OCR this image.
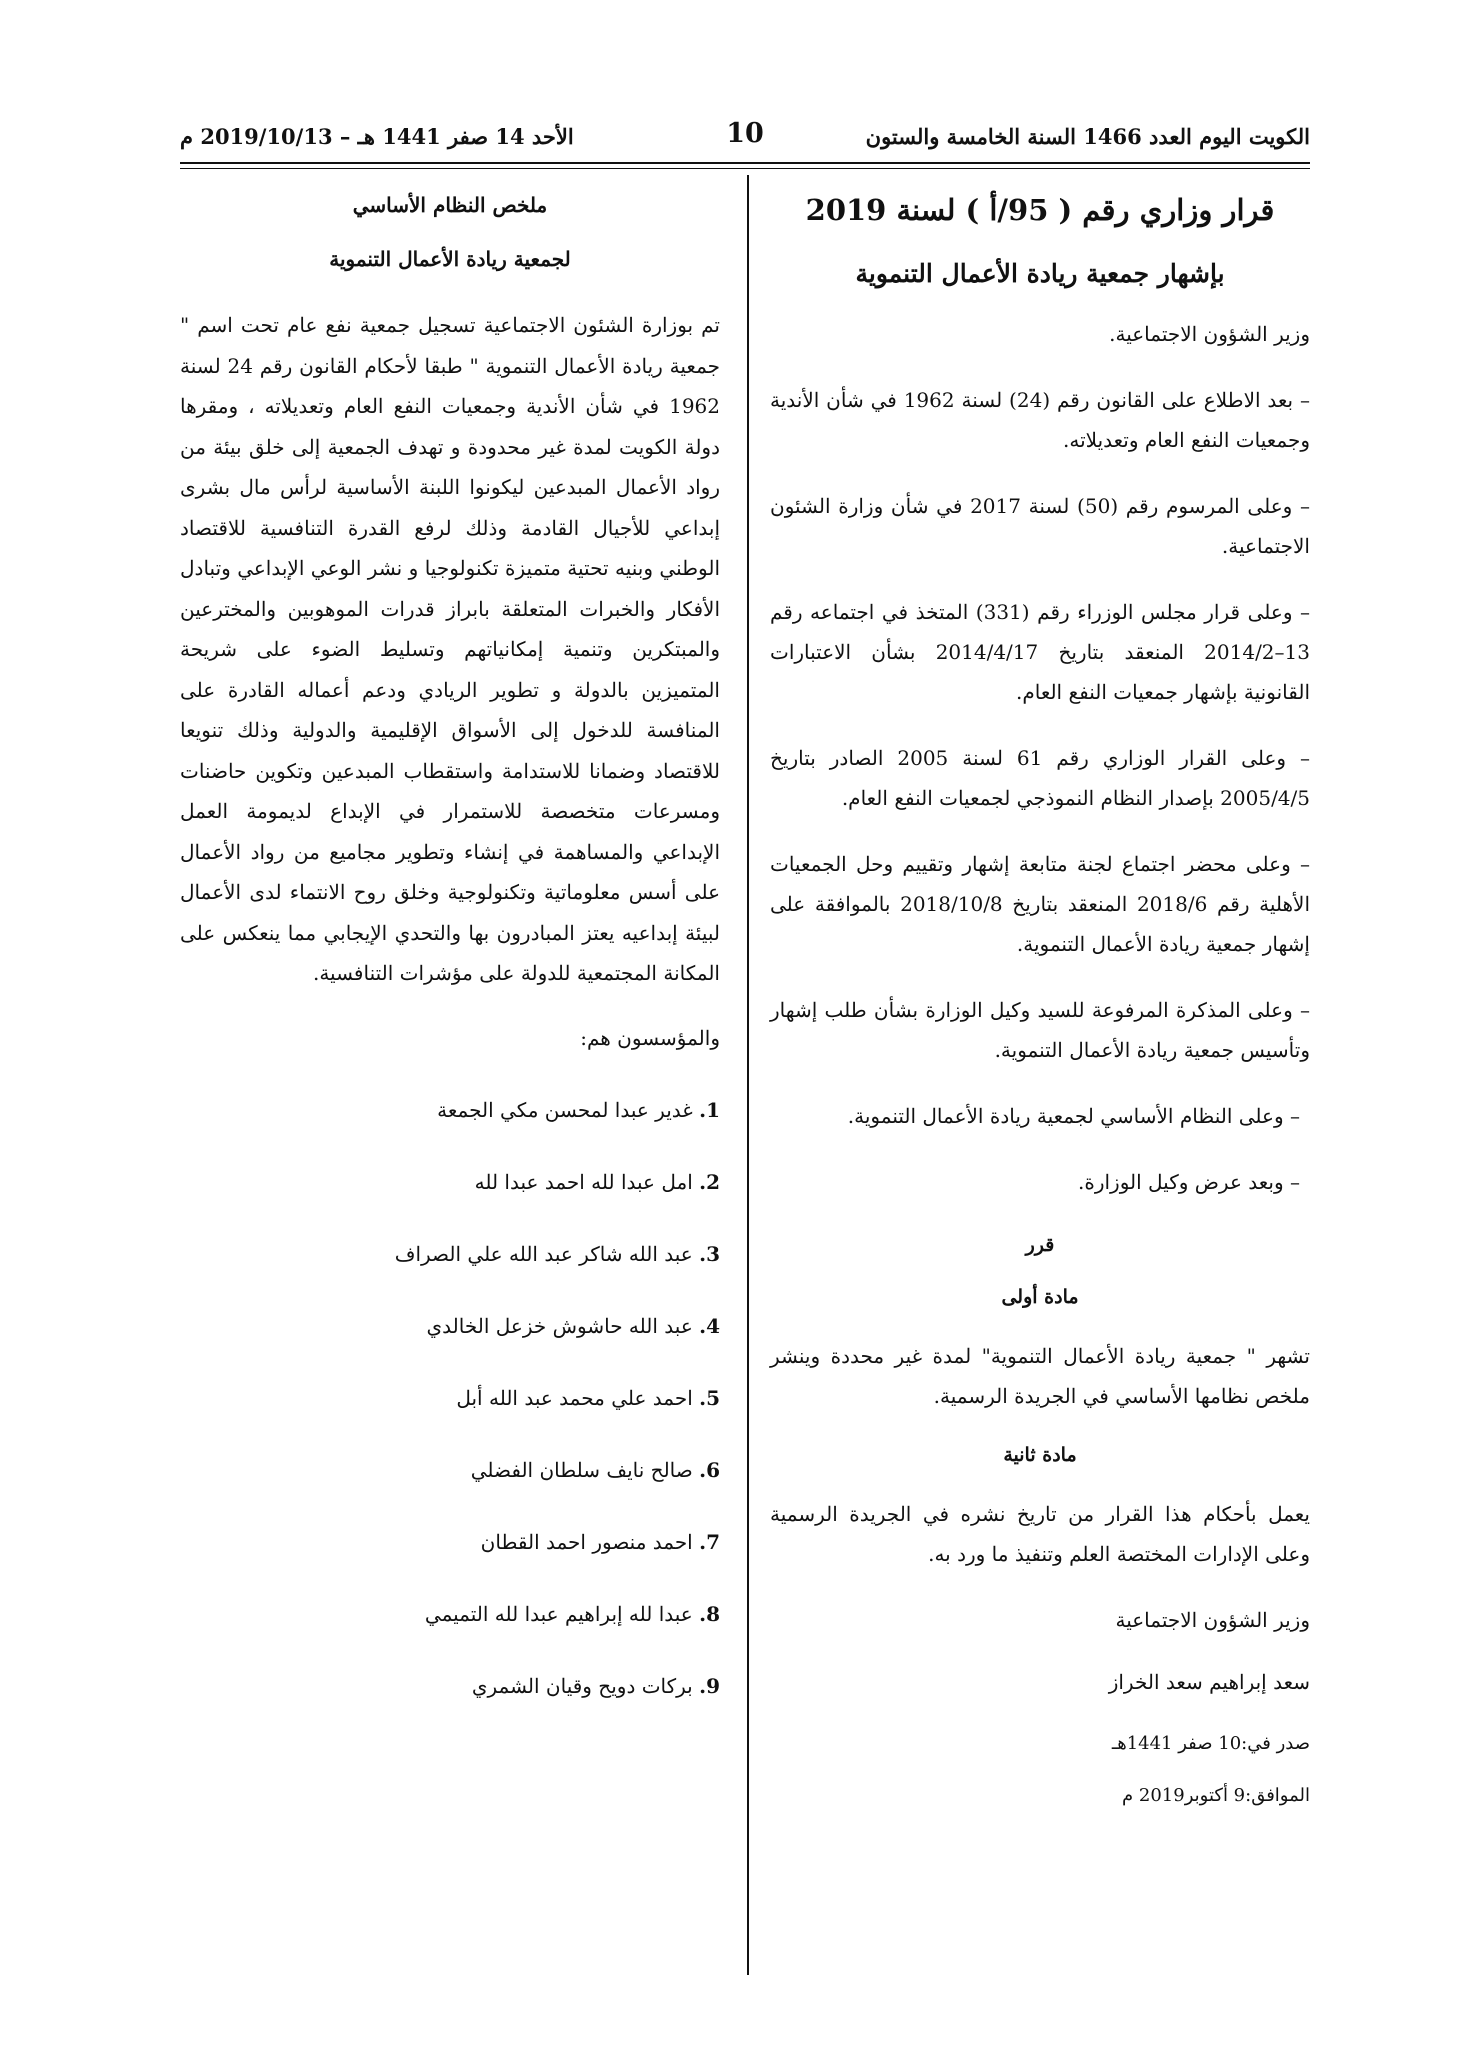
الكويت اليوم العدد 1466 السنة الخامسة والستون
10
الأحد 14 صفر 1441 هـ – 2019/10/13 م

قرار وزاري رقم ( 95/أ ) لسنة 2019

بإشهار جمعية ريادة الأعمال التنموية

وزير الشؤون الاجتماعية.

– بعد الاطلاع على القانون رقم (24) لسنة 1962 في شأن الأندية وجمعيات النفع العام وتعديلاته.

– وعلى المرسوم رقم (50) لسنة 2017 في شأن وزارة الشئون الاجتماعية.

– وعلى قرار مجلس الوزراء رقم (331) المتخذ في اجتماعه رقم 13–2014/2 المنعقد بتاريخ 2014/4/17 بشأن الاعتبارات القانونية بإشهار جمعيات النفع العام.

– وعلى القرار الوزاري رقم 61 لسنة 2005 الصادر بتاريخ 2005/4/5 بإصدار النظام النموذجي لجمعيات النفع العام.

– وعلى محضر اجتماع لجنة متابعة إشهار وتقييم وحل الجمعيات الأهلية رقم 2018/6 المنعقد بتاريخ 2018/10/8 بالموافقة على إشهار جمعية ريادة الأعمال التنموية.

– وعلى المذكرة المرفوعة للسيد وكيل الوزارة بشأن طلب إشهار وتأسيس جمعية ريادة الأعمال التنموية.

– وعلى النظام الأساسي لجمعية ريادة الأعمال التنموية.

– وبعد عرض وكيل الوزارة.

قرر

مادة أولى

تشهر " جمعية ريادة الأعمال التنموية" لمدة غير محددة وينشر ملخص نظامها الأساسي في الجريدة الرسمية.

مادة ثانية

يعمل بأحكام هذا القرار من تاريخ نشره في الجريدة الرسمية وعلى الإدارات المختصة العلم وتنفيذ ما ورد به.

وزير الشؤون الاجتماعية

سعد إبراهيم سعد الخراز

صدر في:10 صفر 1441هـ

الموافق:9 أكتوبر2019 م

ملخص النظام الأساسي

لجمعية ريادة الأعمال التنموية

تم بوزارة الشئون الاجتماعية تسجيل جمعية نفع عام تحت اسم " جمعية ريادة الأعمال التنموية " طبقا لأحكام القانون رقم 24 لسنة 1962 في شأن الأندية وجمعيات النفع العام وتعديلاته ، ومقرها دولة الكويت لمدة غير محدودة و تهدف الجمعية إلى خلق بيئة من رواد الأعمال المبدعين ليكونوا اللبنة الأساسية لرأس مال بشرى إبداعي للأجيال القادمة وذلك لرفع القدرة التنافسية للاقتصاد الوطني وبنيه تحتية متميزة تكنولوجيا و نشر الوعي الإبداعي وتبادل الأفكار والخبرات المتعلقة بابراز قدرات الموهوبين والمخترعين والمبتكرين وتنمية إمكانياتهم وتسليط الضوء على شريحة المتميزين بالدولة و تطوير الريادي ودعم أعماله القادرة على المنافسة للدخول إلى الأسواق الإقليمية والدولية وذلك تنويعا للاقتصاد وضمانا للاستدامة واستقطاب المبدعين وتكوين حاضنات ومسرعات متخصصة للاستمرار في الإبداع لديمومة العمل الإبداعي والمساهمة في إنشاء وتطوير مجاميع من رواد الأعمال على أسس معلوماتية وتكنولوجية وخلق روح الانتماء لدى الأعمال لبيئة إبداعيه يعتز المبادرون بها والتحدي الإيجابي مما ينعكس على المكانة المجتمعية للدولة على مؤشرات التنافسية.

والمؤسسون هم:

1. غدير عبدا لمحسن مكي الجمعة

2. امل عبدا لله احمد عبدا لله

3. عبد الله شاكر عبد الله علي الصراف

4. عبد الله حاشوش خزعل الخالدي

5. احمد علي محمد عبد الله أبل

6. صالح نايف سلطان الفضلي

7. احمد منصور احمد القطان

8. عبدا لله إبراهيم عبدا لله التميمي

9. بركات دويح وقيان الشمري
